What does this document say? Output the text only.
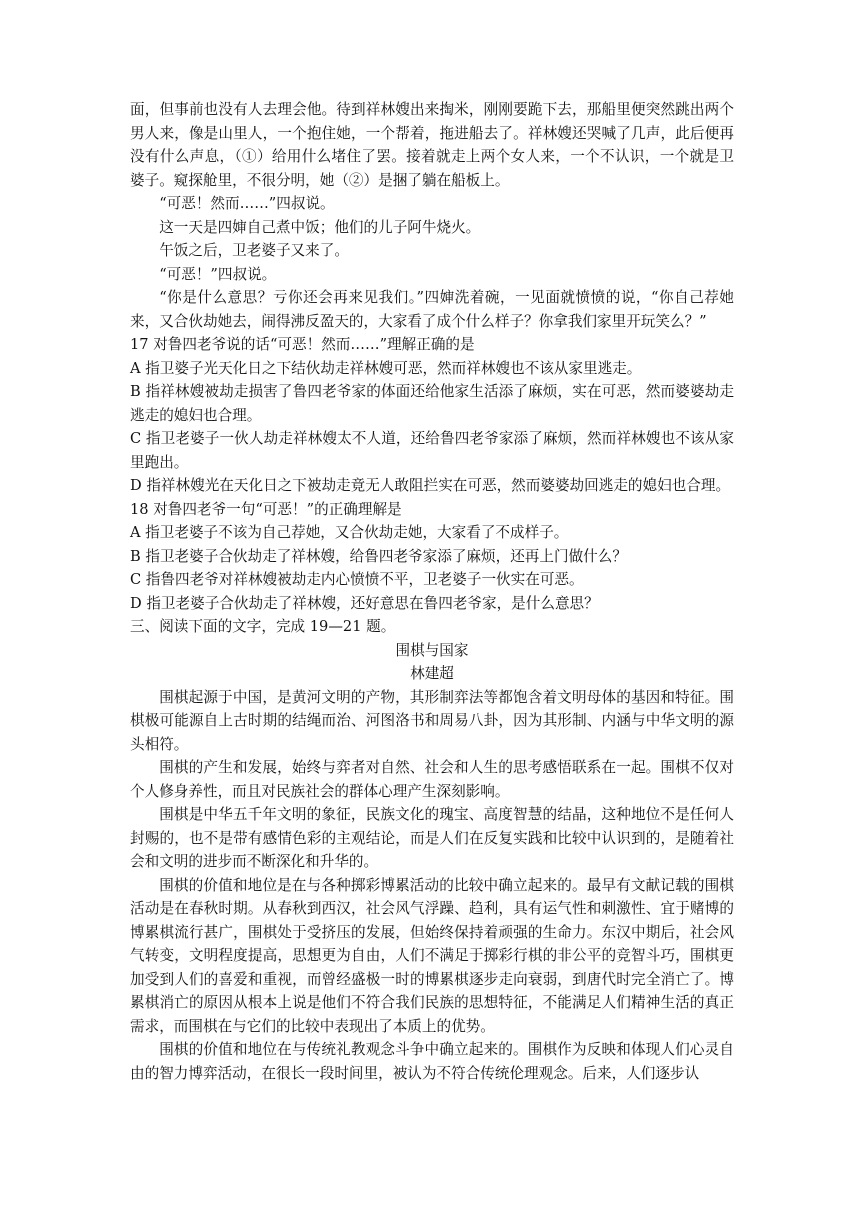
面，但事前也没有人去理会他。待到祥林嫂出来掏米，刚刚要跪下去，那船里便突然跳出两个男人来，像是山里人，一个抱住她，一个帮着，拖进船去了。祥林嫂还哭喊了几声，此后便再没有什么声息，（①）给用什么堵住了罢。接着就走上两个女人来，一个不认识，一个就是卫婆子。窥探舱里，不很分明，她（②）是捆了躺在船板上。

“可恶！然而……”四叔说。

这一天是四婶自己煮中饭；他们的儿子阿牛烧火。

午饭之后，卫老婆子又来了。

“可恶！”四叔说。

“你是什么意思？亏你还会再来见我们。”四婶洗着碗，一见面就愤愤的说，“你自己荐她来，又合伙劫她去，闹得沸反盈天的，大家看了成个什么样子？你拿我们家里开玩笑么？”

17 对鲁四老爷说的话“可恶！然而……”理解正确的是

A 指卫婆子光天化日之下结伙劫走祥林嫂可恶，然而祥林嫂也不该从家里逃走。

B 指祥林嫂被劫走损害了鲁四老爷家的体面还给他家生活添了麻烦，实在可恶，然而婆婆劫走逃走的媳妇也合理。

C 指卫老婆子一伙人劫走祥林嫂太不人道，还给鲁四老爷家添了麻烦，然而祥林嫂也不该从家里跑出。

D 指祥林嫂光在天化日之下被劫走竟无人敢阻拦实在可恶，然而婆婆劫回逃走的媳妇也合理。

18 对鲁四老爷一句“可恶！”的正确理解是

A 指卫老婆子不该为自己荐她，又合伙劫走她，大家看了不成样子。

B 指卫老婆子合伙劫走了祥林嫂，给鲁四老爷家添了麻烦，还再上门做什么？

C 指鲁四老爷对祥林嫂被劫走内心愤愤不平，卫老婆子一伙实在可恶。

D 指卫老婆子合伙劫走了祥林嫂，还好意思在鲁四老爷家，是什么意思？

三、阅读下面的文字，完成 19—21 题。

围棋与国家

林建超

围棋起源于中国，是黄河文明的产物，其形制弈法等都饱含着文明母体的基因和特征。围棋极可能源自上古时期的结绳而治、河图洛书和周易八卦，因为其形制、内涵与中华文明的源头相符。

围棋的产生和发展，始终与弈者对自然、社会和人生的思考感悟联系在一起。围棋不仅对个人修身养性，而且对民族社会的群体心理产生深刻影响。

围棋是中华五千年文明的象征，民族文化的瑰宝、高度智慧的结晶，这种地位不是任何人封赐的，也不是带有感情色彩的主观结论，而是人们在反复实践和比较中认识到的，是随着社会和文明的进步而不断深化和升华的。

围棋的价值和地位是在与各种掷彩博累活动的比较中确立起来的。最早有文献记载的围棋活动是在春秋时期。从春秋到西汉，社会风气浮躁、趋利，具有运气性和刺激性、宜于赌博的博累棋流行甚广，围棋处于受挤压的发展，但始终保持着顽强的生命力。东汉中期后，社会风气转变，文明程度提高，思想更为自由，人们不满足于掷彩行棋的非公平的竞智斗巧，围棋更加受到人们的喜爱和重视，而曾经盛极一时的博累棋逐步走向衰弱，到唐代时完全消亡了。博累棋消亡的原因从根本上说是他们不符合我们民族的思想特征，不能满足人们精神生活的真正需求，而围棋在与它们的比较中表现出了本质上的优势。

围棋的价值和地位在与传统礼教观念斗争中确立起来的。围棋作为反映和体现人们心灵自由的智力博弈活动，在很长一段时间里，被认为不符合传统伦理观念。后来，人们逐步认
